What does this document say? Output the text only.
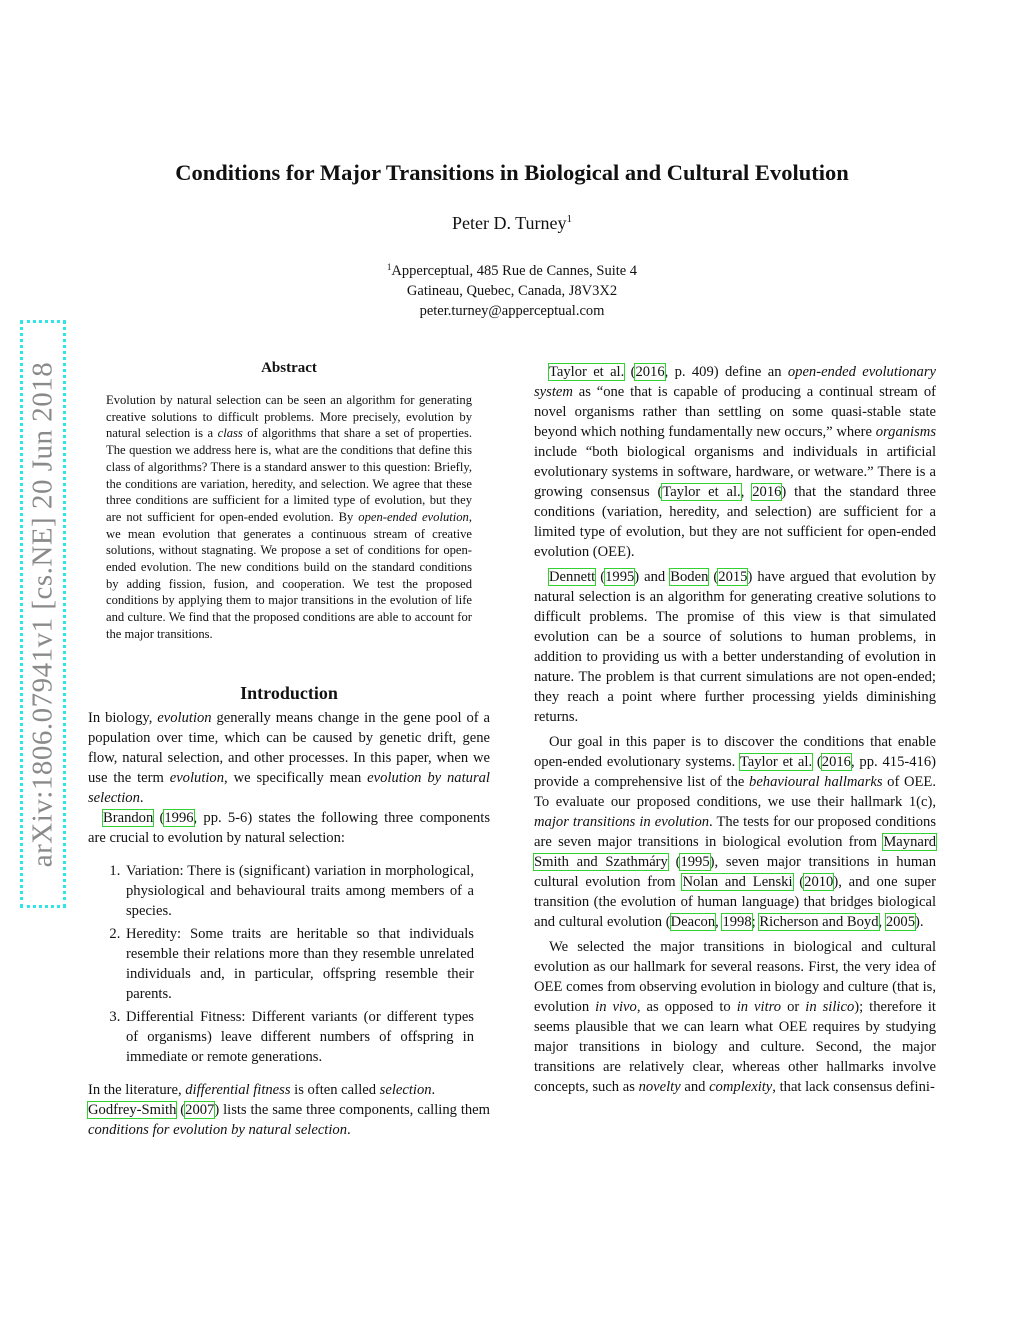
arXiv:1806.07941v1 [cs.NE] 20 Jun 2018
Conditions for Major Transitions in Biological and Cultural Evolution
Peter D. Turney$^1$
$^1$Apperceptual, 485 Rue de Cannes, Suite 4
Gatineau, Quebec, Canada, J8V3X2
peter.turney@apperceptual.com
Abstract
Evolution by natural selection can be seen an algorithm for generating creative solutions to difficult problems. More precisely, evolution by natural selection is a class of algorithms that share a set of properties. The question we address here is, what are the conditions that define this class of algorithms? There is a standard answer to this question: Briefly, the conditions are variation, heredity, and selection. We agree that these three conditions are sufficient for a limited type of evolution, but they are not sufficient for open-ended evolution. By open-ended evolution, we mean evolution that generates a continuous stream of creative solutions, without stagnating. We propose a set of conditions for open-ended evolution. The new conditions build on the standard conditions by adding fission, fusion, and cooperation. We test the proposed conditions by applying them to major transitions in the evolution of life and culture. We find that the proposed conditions are able to account for the major transitions.
Introduction

In biology, evolution generally means change in the gene pool of a population over time, which can be caused by genetic drift, gene flow, natural selection, and other processes. In this paper, when we use the term evolution, we specifically mean evolution by natural selection.

Brandon (1996, pp. 5-6) states the following three components are crucial to evolution by natural selection:

1. Variation: There is (significant) variation in morphological, physiological and behavioural traits among members of a species.
2. Heredity: Some traits are heritable so that individuals resemble their relations more than they resemble unrelated individuals and, in particular, offspring resemble their parents.
3. Differential Fitness: Different variants (or different types of organisms) leave different numbers of offspring in immediate or remote generations.

In the literature, differential fitness is often called selection.
Godfrey-Smith (2007) lists the same three components, calling them conditions for evolution by natural selection.

Taylor et al. (2016, p. 409) define an open-ended evolutionary system as “one that is capable of producing a continual stream of novel organisms rather than settling on some quasi-stable state beyond which nothing fundamentally new occurs,” where organisms include “both biological organisms and individuals in artificial evolutionary systems in software, hardware, or wetware.” There is a growing consensus (Taylor et al., 2016) that the standard three conditions (variation, heredity, and selection) are sufficient for a limited type of evolution, but they are not sufficient for open-ended evolution (OEE).

Dennett (1995) and Boden (2015) have argued that evolution by natural selection is an algorithm for generating creative solutions to difficult problems. The promise of this view is that simulated evolution can be a source of solutions to human problems, in addition to providing us with a better understanding of evolution in nature. The problem is that current simulations are not open-ended; they reach a point where further processing yields diminishing returns.

Our goal in this paper is to discover the conditions that enable open-ended evolutionary systems. Taylor et al. (2016, pp. 415-416) provide a comprehensive list of the behavioural hallmarks of OEE. To evaluate our proposed conditions, we use their hallmark 1(c), major transitions in evolution. The tests for our proposed conditions are seven major transitions in biological evolution from Maynard Smith and Szathmáry (1995), seven major transitions in human cultural evolution from Nolan and Lenski (2010), and one super transition (the evolution of human language) that bridges biological and cultural evolution (Deacon, 1998; Richerson and Boyd, 2005).

We selected the major transitions in biological and cultural evolution as our hallmark for several reasons. First, the very idea of OEE comes from observing evolution in biology and culture (that is, evolution in vivo, as opposed to in vitro or in silico); therefore it seems plausible that we can learn what OEE requires by studying major transitions in biology and culture. Second, the major transitions are relatively clear, whereas other hallmarks involve concepts, such as novelty and complexity, that lack consensus defini-
